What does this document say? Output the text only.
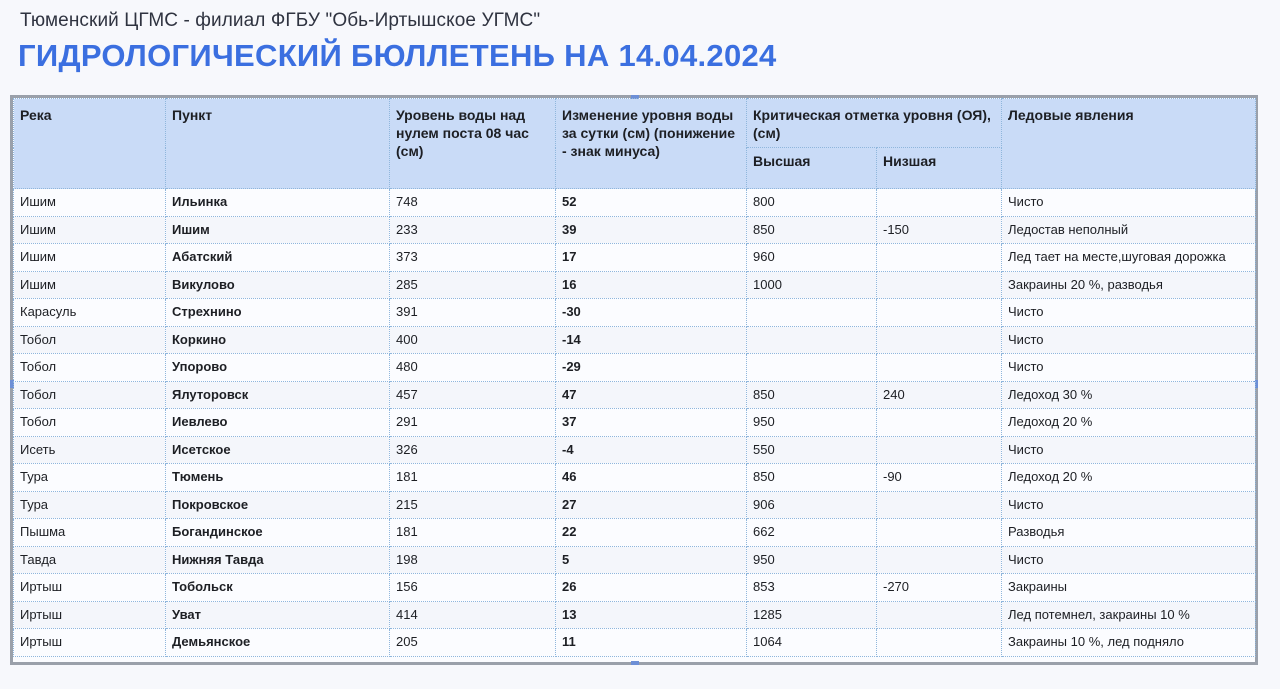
Тюменский ЦГМС - филиал ФГБУ "Обь-Иртышское УГМС"
ГИДРОЛОГИЧЕСКИЙ БЮЛЛЕТЕНЬ НА 14.04.2024
Река	Пункт	Уровень воды над нулем поста 08 час (см)	Изменение уровня воды за сутки (см) (понижение - знак минуса)	Критическая отметка уровня (ОЯ), (см)		Ледовые явления
				Высшая	Низшая	
Ишим	Ильинка	748	52	800		Чисто
Ишим	Ишим	233	39	850	-150	Ледостав неполный
Ишим	Абатский	373	17	960		Лед тает на месте,шуговая дорожка
Ишим	Викулово	285	16	1000		Закраины 20 %, разводья
Карасуль	Стрехнино	391	-30			Чисто
Тобол	Коркино	400	-14			Чисто
Тобол	Упорово	480	-29			Чисто
Тобол	Ялуторовск	457	47	850	240	Ледоход 30 %
Тобол	Иевлево	291	37	950		Ледоход 20 %
Исеть	Исетское	326	-4	550		Чисто
Тура	Тюмень	181	46	850	-90	Ледоход 20 %
Тура	Покровское	215	27	906		Чисто
Пышма	Богандинское	181	22	662		Разводья
Тавда	Нижняя Тавда	198	5	950		Чисто
Иртыш	Тобольск	156	26	853	-270	Закраины
Иртыш	Уват	414	13	1285		Лед потемнел, закраины 10 %
Иртыш	Демьянское	205	11	1064		Закраины 10 %, лед подняло
